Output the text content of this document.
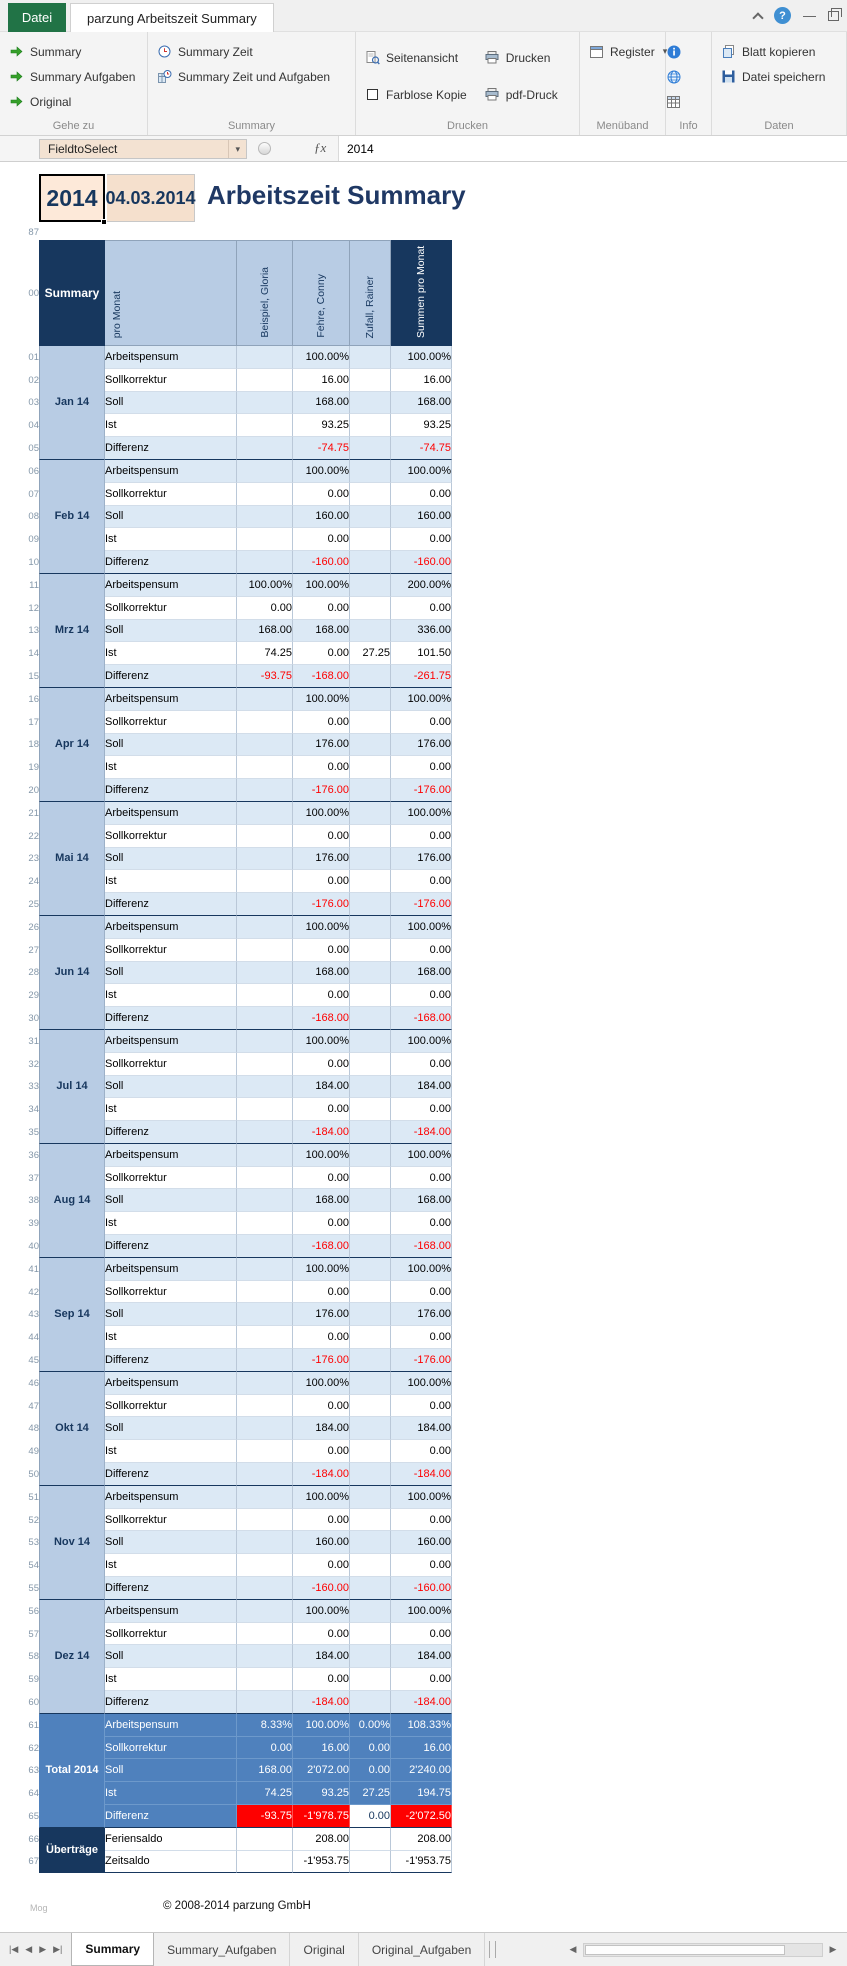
Datei	parzung Arbeitszeit Summary	?	—
Summary
Summary Aufgaben
Original
Gehe zu
Summary Zeit
Summary Zeit und Aufgaben
Summary
Seitenansicht
Farblose Kopie
Drucken
pdf-Druck
Drucken
Register ▾
Menüband	Info
Blatt kopieren
Datei speichern
Daten
FieldtoSelect	▾	ƒx	2014
2014 04.03.2014 Arbeitszeit Summary
87						
00	Summary	pro Monat	Beispiel, Gloria	Fehre, Conny	Zufall, Rainer	Summen pro Monat
01	Jan 14	Arbeitspensum		100.00%		100.00%
02		Sollkorrektur		16.00		16.00
03		Soll		168.00		168.00
04		Ist		93.25		93.25
05		Differenz		-74.75		-74.75
06	Feb 14	Arbeitspensum		100.00%		100.00%
07		Sollkorrektur		0.00		0.00
08		Soll		160.00		160.00
09		Ist		0.00		0.00
10		Differenz		-160.00		-160.00
11	Mrz 14	Arbeitspensum	100.00%	100.00%		200.00%
12		Sollkorrektur	0.00	0.00		0.00
13		Soll	168.00	168.00		336.00
14		Ist	74.25	0.00	27.25	101.50
15		Differenz	-93.75	-168.00		-261.75
16	Apr 14	Arbeitspensum		100.00%		100.00%
17		Sollkorrektur		0.00		0.00
18		Soll		176.00		176.00
19		Ist		0.00		0.00
20		Differenz		-176.00		-176.00
21	Mai 14	Arbeitspensum		100.00%		100.00%
22		Sollkorrektur		0.00		0.00
23		Soll		176.00		176.00
24		Ist		0.00		0.00
25		Differenz		-176.00		-176.00
26	Jun 14	Arbeitspensum		100.00%		100.00%
27		Sollkorrektur		0.00		0.00
28		Soll		168.00		168.00
29		Ist		0.00		0.00
30		Differenz		-168.00		-168.00
31	Jul 14	Arbeitspensum		100.00%		100.00%
32		Sollkorrektur		0.00		0.00
33		Soll		184.00		184.00
34		Ist		0.00		0.00
35		Differenz		-184.00		-184.00
36	Aug 14	Arbeitspensum		100.00%		100.00%
37		Sollkorrektur		0.00		0.00
38		Soll		168.00		168.00
39		Ist		0.00		0.00
40		Differenz		-168.00		-168.00
41	Sep 14	Arbeitspensum		100.00%		100.00%
42		Sollkorrektur		0.00		0.00
43		Soll		176.00		176.00
44		Ist		0.00		0.00
45		Differenz		-176.00		-176.00
46	Okt 14	Arbeitspensum		100.00%		100.00%
47		Sollkorrektur		0.00		0.00
48		Soll		184.00		184.00
49		Ist		0.00		0.00
50		Differenz		-184.00		-184.00
51	Nov 14	Arbeitspensum		100.00%		100.00%
52		Sollkorrektur		0.00		0.00
53		Soll		160.00		160.00
54		Ist		0.00		0.00
55		Differenz		-160.00		-160.00
56	Dez 14	Arbeitspensum		100.00%		100.00%
57		Sollkorrektur		0.00		0.00
58		Soll		184.00		184.00
59		Ist		0.00		0.00
60		Differenz		-184.00		-184.00
61	Total 2014	Arbeitspensum	8.33%	100.00%	0.00%	108.33%
62		Sollkorrektur	0.00	16.00	0.00	16.00
63		Soll	168.00	2'072.00	0.00	2'240.00
64		Ist	74.25	93.25	27.25	194.75
65		Differenz	-93.75	-1'978.75	0.00	-2'072.50
66	Überträge	Feriensaldo		208.00		208.00
67		Zeitsaldo		-1'953.75		-1'953.75
© 2008-2014 parzung GmbH
Mog
|◀ ◀ ▶ ▶|	Summary	Summary_Aufgaben	Original	Original_Aufgaben	◀	▶
